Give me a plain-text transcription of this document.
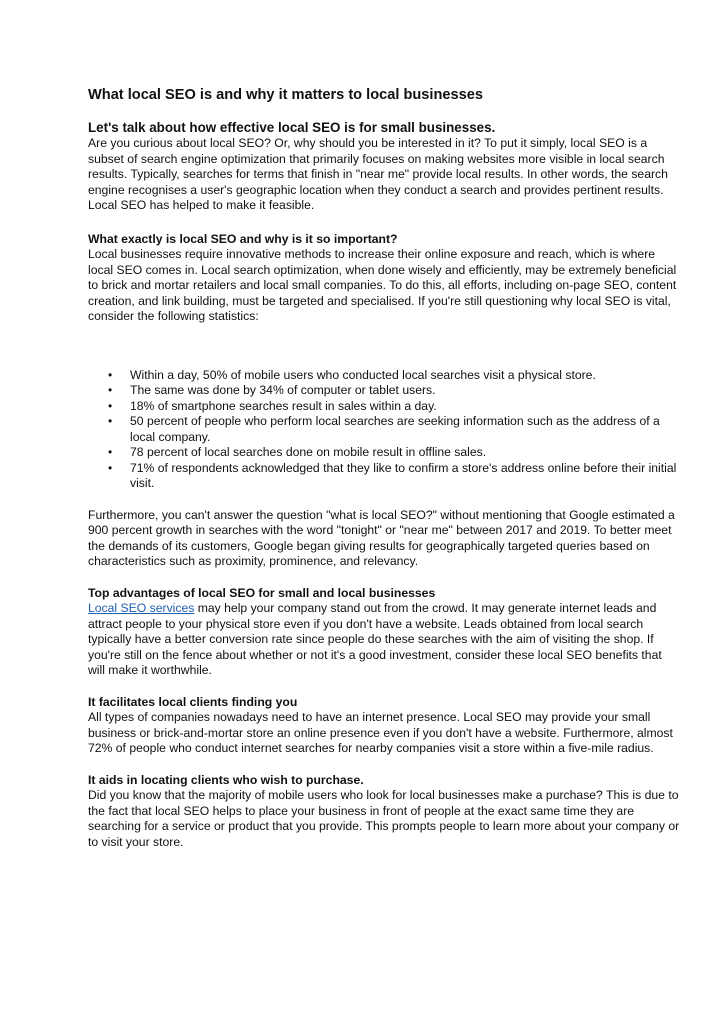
What local SEO is and why it matters to local businesses

Let's talk about how effective local SEO is for small businesses.

Are you curious about local SEO? Or, why should you be interested in it? To put it simply, local SEO is a subset of search engine optimization that primarily focuses on making websites more visible in local search results. Typically, searches for terms that finish in "near me" provide local results. In other words, the search engine recognises a user's geographic location when they conduct a search and provides pertinent results. Local SEO has helped to make it feasible.

What exactly is local SEO and why is it so important?

Local businesses require innovative methods to increase their online exposure and reach, which is where local SEO comes in. Local search optimization, when done wisely and efficiently, may be extremely beneficial to brick and mortar retailers and local small companies. To do this, all efforts, including on-page SEO, content creation, and link building, must be targeted and specialised. If you're still questioning why local SEO is vital, consider the following statistics:

• Within a day, 50% of mobile users who conducted local searches visit a physical store.
• The same was done by 34% of computer or tablet users.
• 18% of smartphone searches result in sales within a day.
• 50 percent of people who perform local searches are seeking information such as the address of a local company.
• 78 percent of local searches done on mobile result in offline sales.
• 71% of respondents acknowledged that they like to confirm a store's address online before their initial visit.

Furthermore, you can't answer the question "what is local SEO?" without mentioning that Google estimated a 900 percent growth in searches with the word "tonight" or "near me" between 2017 and 2019. To better meet the demands of its customers, Google began giving results for geographically targeted queries based on characteristics such as proximity, prominence, and relevancy.

Top advantages of local SEO for small and local businesses

Local SEO services may help your company stand out from the crowd. It may generate internet leads and attract people to your physical store even if you don't have a website. Leads obtained from local search typically have a better conversion rate since people do these searches with the aim of visiting the shop. If you're still on the fence about whether or not it's a good investment, consider these local SEO benefits that will make it worthwhile.

It facilitates local clients finding you

All types of companies nowadays need to have an internet presence. Local SEO may provide your small business or brick-and-mortar store an online presence even if you don't have a website. Furthermore, almost 72% of people who conduct internet searches for nearby companies visit a store within a five-mile radius.

It aids in locating clients who wish to purchase.

Did you know that the majority of mobile users who look for local businesses make a purchase? This is due to the fact that local SEO helps to place your business in front of people at the exact same time they are searching for a service or product that you provide. This prompts people to learn more about your company or to visit your store.
